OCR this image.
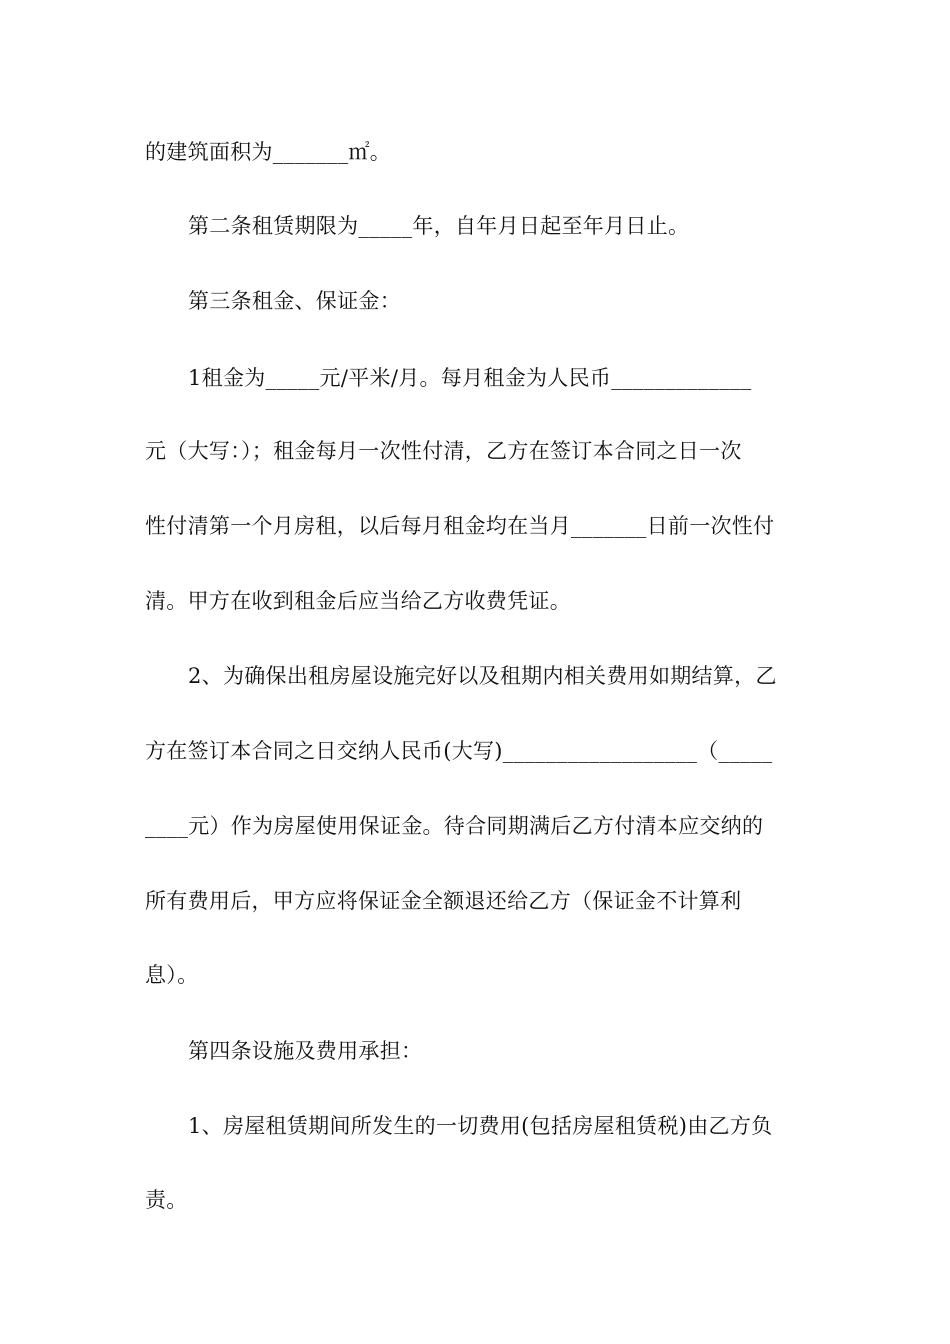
的建筑面积为_______㎡。
第二条租赁期限为_____年，自年月日起至年月日止。
第三条租金、保证金：
1租金为_____元/平米/月。每月租金为人民币_____________
元（大写：）；租金每月一次性付清，乙方在签订本合同之日一次
性付清第一个月房租，以后每月租金均在当月_______日前一次性付
清。甲方在收到租金后应当给乙方收费凭证。
2、为确保出租房屋设施完好以及租期内相关费用如期结算，乙
方在签订本合同之日交纳人民币(大写)__________________（_____
____元）作为房屋使用保证金。待合同期满后乙方付清本应交纳的
所有费用后，甲方应将保证金全额退还给乙方（保证金不计算利
息）。
第四条设施及费用承担：
1、房屋租赁期间所发生的一切费用(包括房屋租赁税)由乙方负
责。
